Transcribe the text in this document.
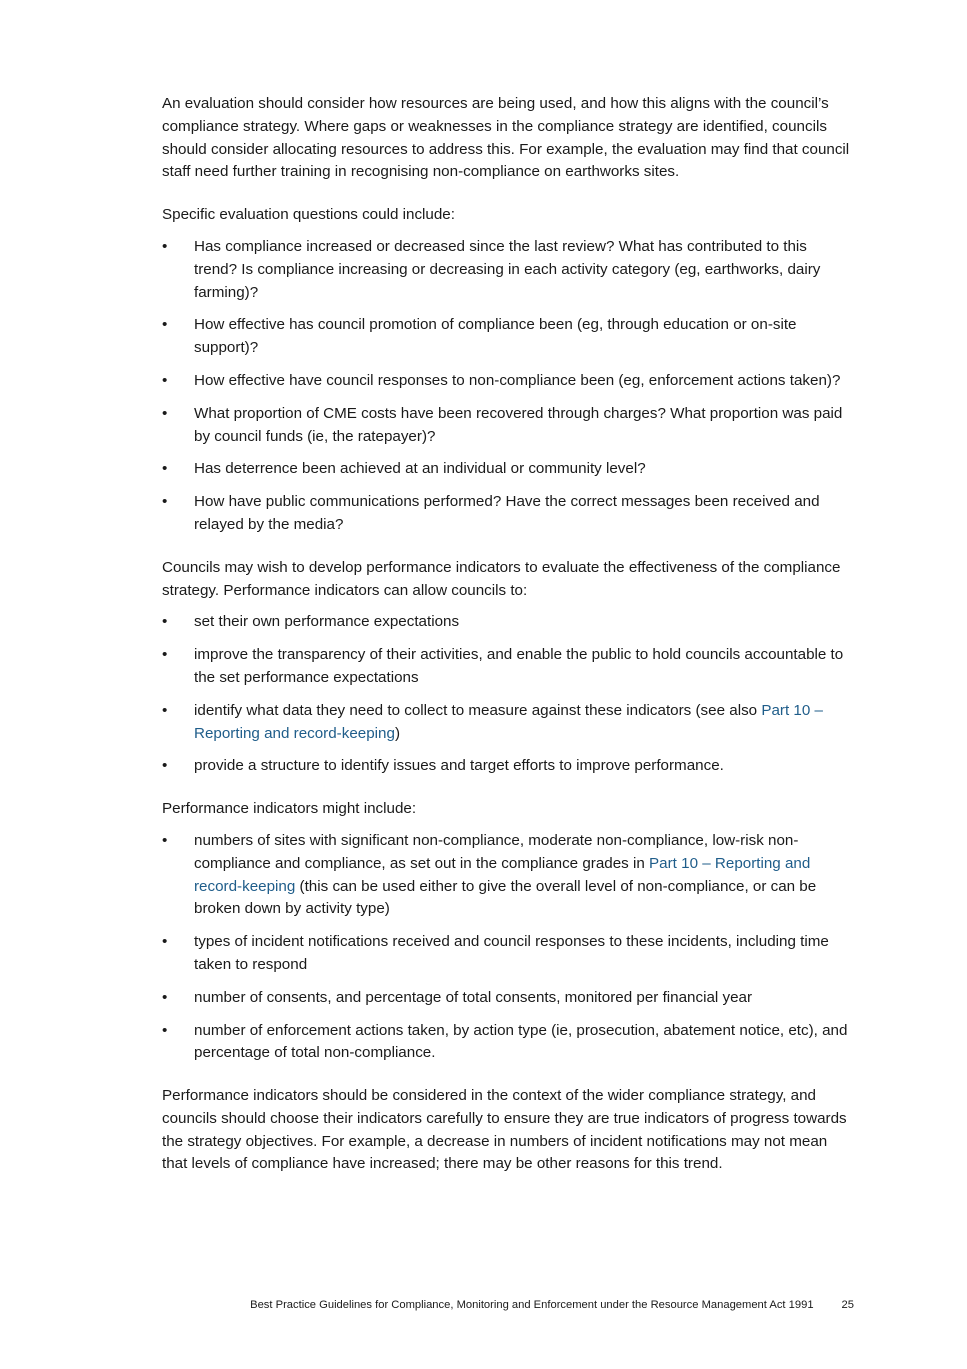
An evaluation should consider how resources are being used, and how this aligns with the council’s compliance strategy. Where gaps or weaknesses in the compliance strategy are identified, councils should consider allocating resources to address this. For example, the evaluation may find that council staff need further training in recognising non-compliance on earthworks sites.

Specific evaluation questions could include:

•	Has compliance increased or decreased since the last review? What has contributed to this trend? Is compliance increasing or decreasing in each activity category (eg, earthworks, dairy farming)?
•	How effective has council promotion of compliance been (eg, through education or on-site support)?
•	How effective have council responses to non-compliance been (eg, enforcement actions taken)?
•	What proportion of CME costs have been recovered through charges? What proportion was paid by council funds (ie, the ratepayer)?
•	Has deterrence been achieved at an individual or community level?
•	How have public communications performed? Have the correct messages been received and relayed by the media?

Councils may wish to develop performance indicators to evaluate the effectiveness of the compliance strategy. Performance indicators can allow councils to:

•	set their own performance expectations
•	improve the transparency of their activities, and enable the public to hold councils accountable to the set performance expectations
•	identify what data they need to collect to measure against these indicators (see also Part 10 – Reporting and record-keeping)
•	provide a structure to identify issues and target efforts to improve performance.

Performance indicators might include:

•	numbers of sites with significant non-compliance, moderate non-compliance, low-risk non-compliance and compliance, as set out in the compliance grades in Part 10 – Reporting and record-keeping (this can be used either to give the overall level of non-compliance, or can be broken down by activity type)
•	types of incident notifications received and council responses to these incidents, including time taken to respond
•	number of consents, and percentage of total consents, monitored per financial year
•	number of enforcement actions taken, by action type (ie, prosecution, abatement notice, etc), and percentage of total non-compliance.

Performance indicators should be considered in the context of the wider compliance strategy, and councils should choose their indicators carefully to ensure they are true indicators of progress towards the strategy objectives. For example, a decrease in numbers of incident notifications may not mean that levels of compliance have increased; there may be other reasons for this trend.

Best Practice Guidelines for Compliance, Monitoring and Enforcement under the Resource Management Act 1991	25
